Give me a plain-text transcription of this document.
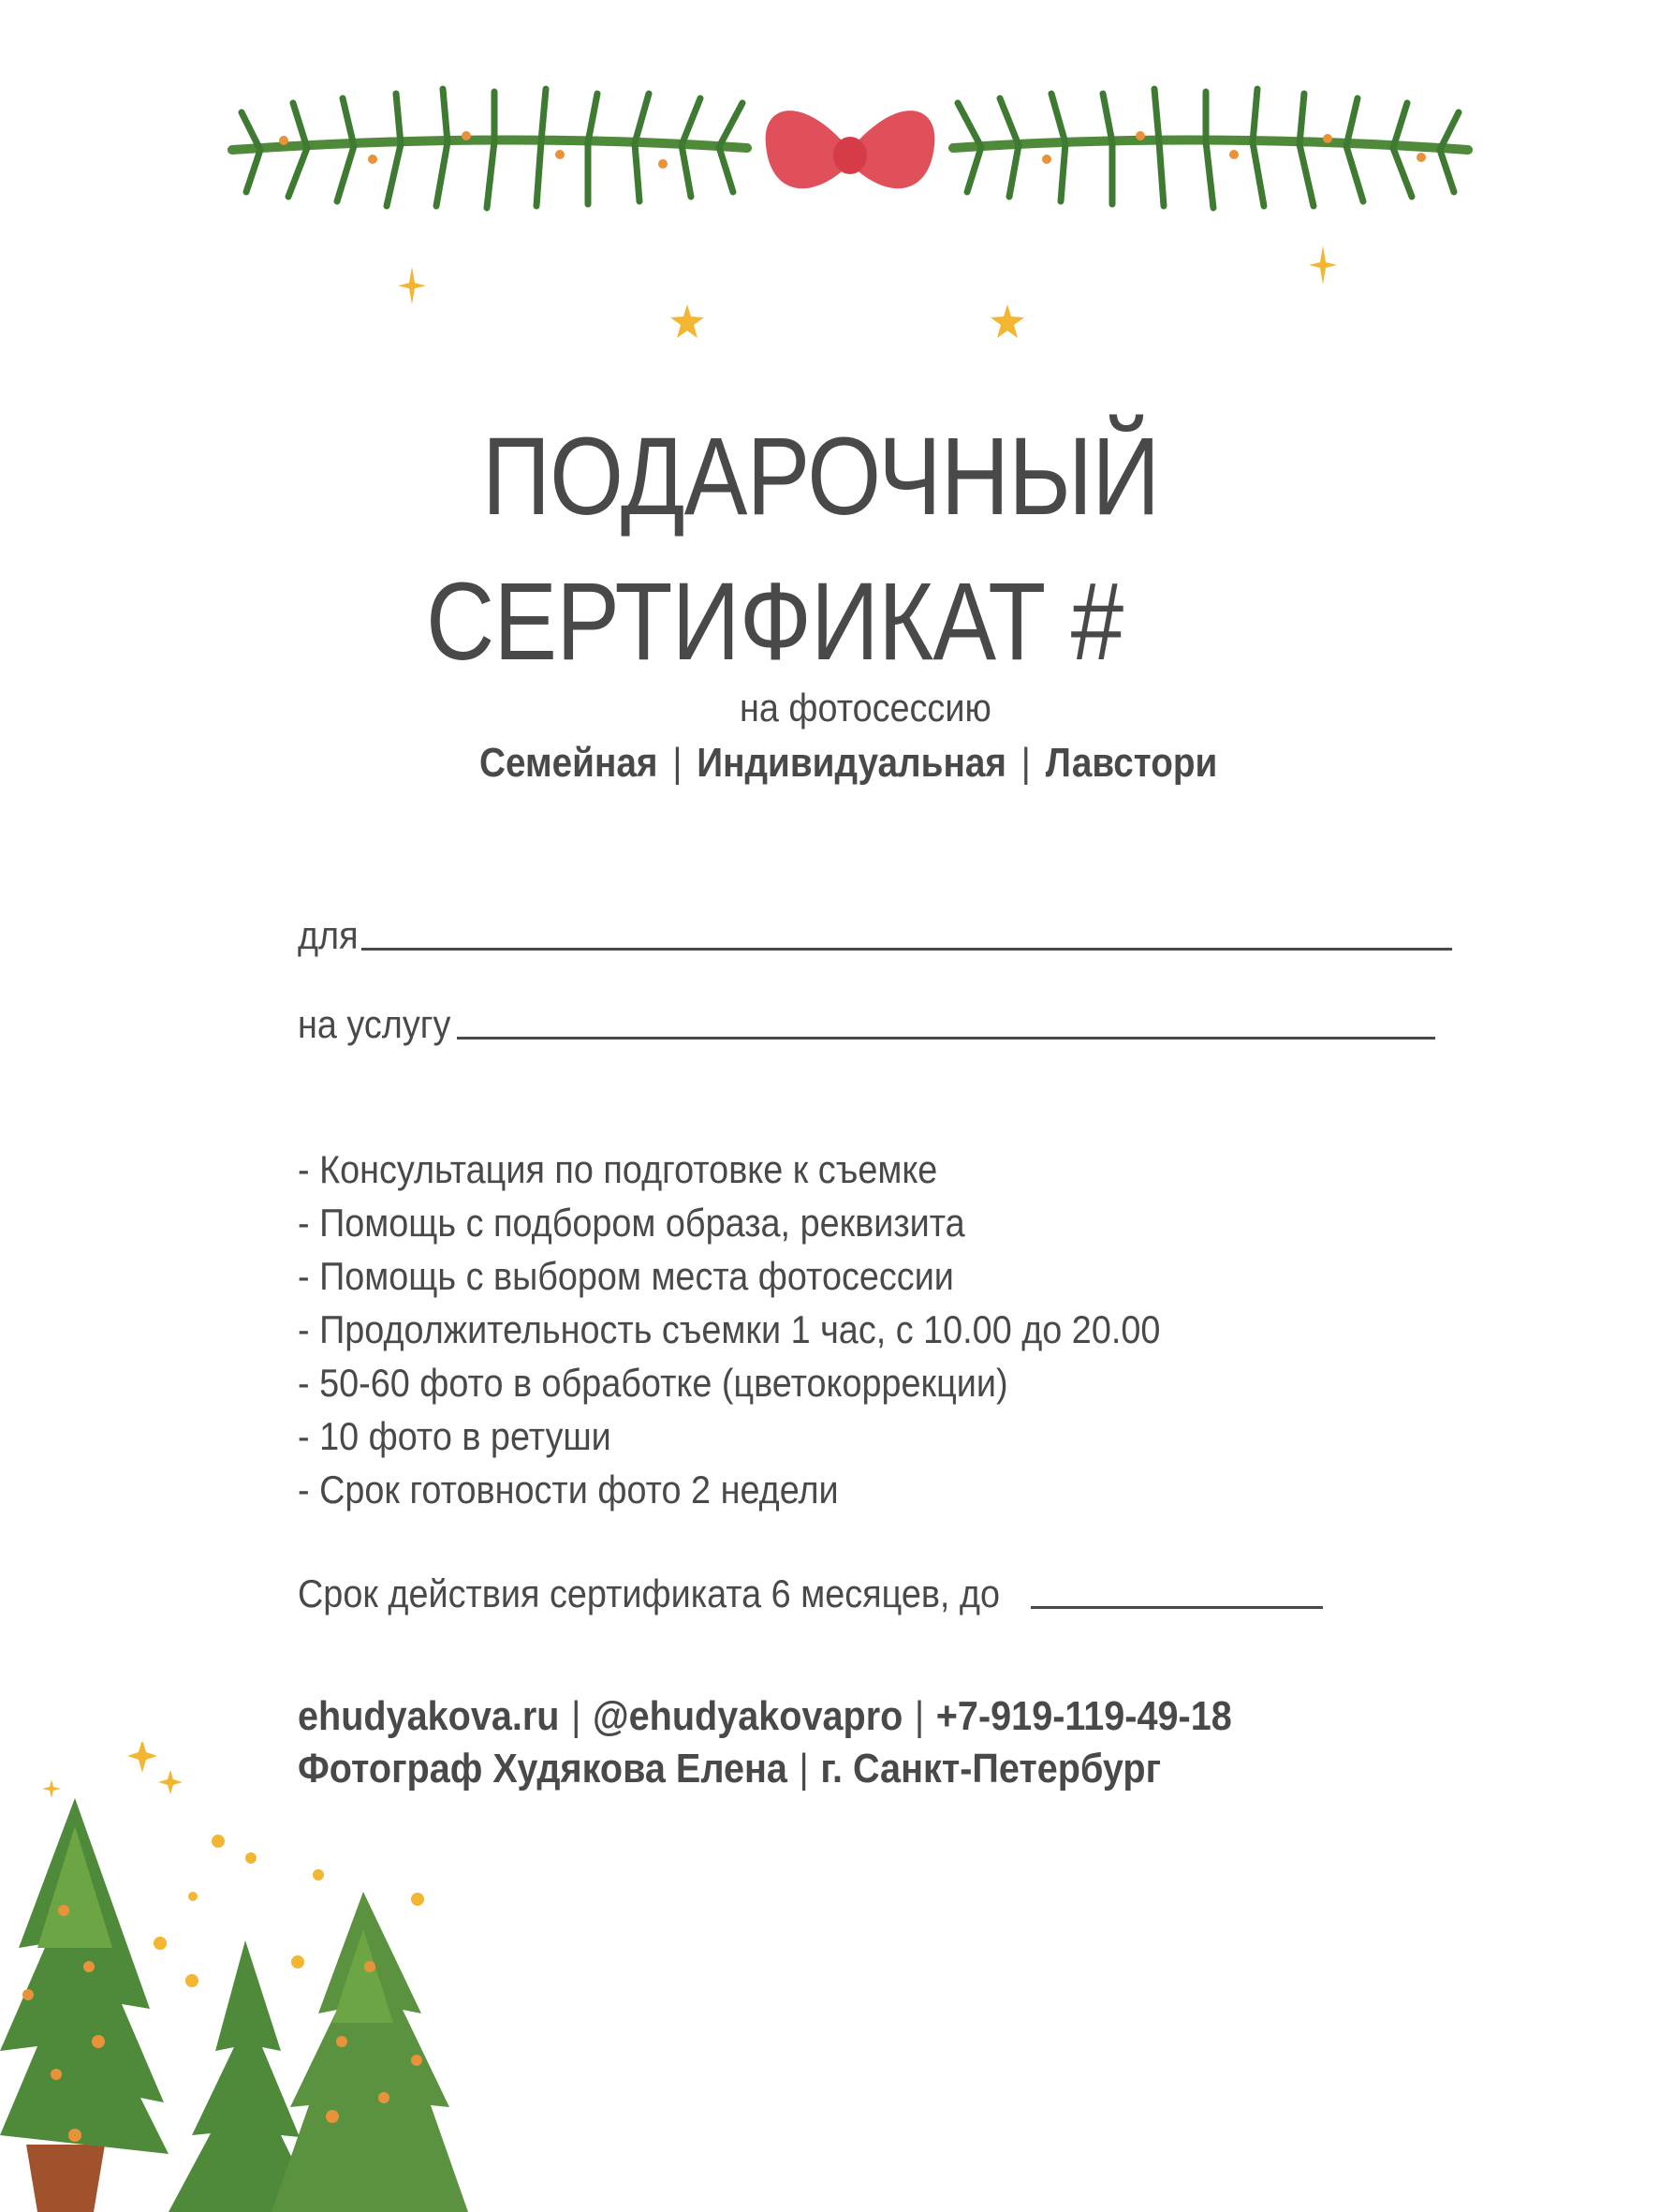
ПОДАРОЧНЫЙ
СЕРТИФИКАТ #
на фотосессию
Семейная | Индивидуальная | Лавстори
для
на услугу
- Консультация по подготовке к съемке
- Помощь с подбором образа, реквизита
- Помощь с выбором места фотосессии
- Продолжительность съемки 1 час, с 10.00 до 20.00
- 50-60 фото в обработке (цветокоррекции)
- 10 фото в ретуши
- Срок готовности фото 2 недели
Срок действия сертификата 6 месяцев, до
ehudyakova.ru | @ehudyakovapro | +7-919-119-49-18
Фотограф Худякова Елена | г. Санкт-Петербург
